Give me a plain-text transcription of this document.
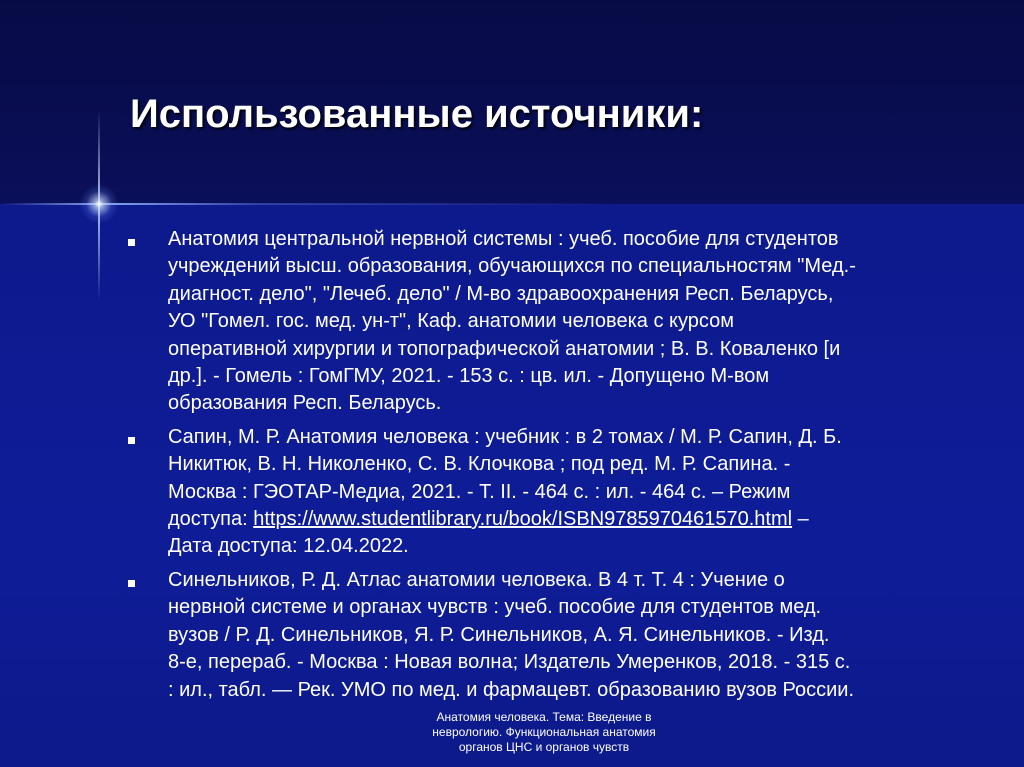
Использованные источники:
Анатомия центральной нервной системы : учеб. пособие для студентов
учреждений высш. образования, обучающихся по специальностям "Мед.-
диагност. дело", "Лечеб. дело" / М-во здравоохранения Респ. Беларусь,
УО "Гомел. гос. мед. ун-т", Каф. анатомии человека с курсом
оперативной хирургии и топографической анатомии ; В. В. Коваленко [и
др.]. - Гомель : ГомГМУ, 2021. - 153 с. : цв. ил. - Допущено М-вом
образования Респ. Беларусь.
Сапин, М. Р. Анатомия человека : учебник : в 2 томах / М. Р. Сапин, Д. Б.
Никитюк, В. Н. Николенко, С. В. Клочкова ; под ред. М. Р. Сапина. -
Москва : ГЭОТАР-Медиа, 2021. - Т. II. - 464 с. : ил. - 464 с. – Режим
доступа: https://www.studentlibrary.ru/book/ISBN9785970461570.html –
Дата доступа: 12.04.2022.
Синельников, Р. Д. Атлас анатомии человека. В 4 т. Т. 4 : Учение о
нервной системе и органах чувств : учеб. пособие для студентов мед.
вузов / Р. Д. Синельников, Я. Р. Синельников, А. Я. Синельников. - Изд.
8-е, перераб. - Москва : Новая волна; Издатель Умеренков, 2018. - 315 с.
: ил., табл. — Рек. УМО по мед. и фармацевт. образованию вузов России.
Анатомия человека. Тема: Введение в
неврологию. Функциональная анатомия
органов ЦНС и органов чувств
